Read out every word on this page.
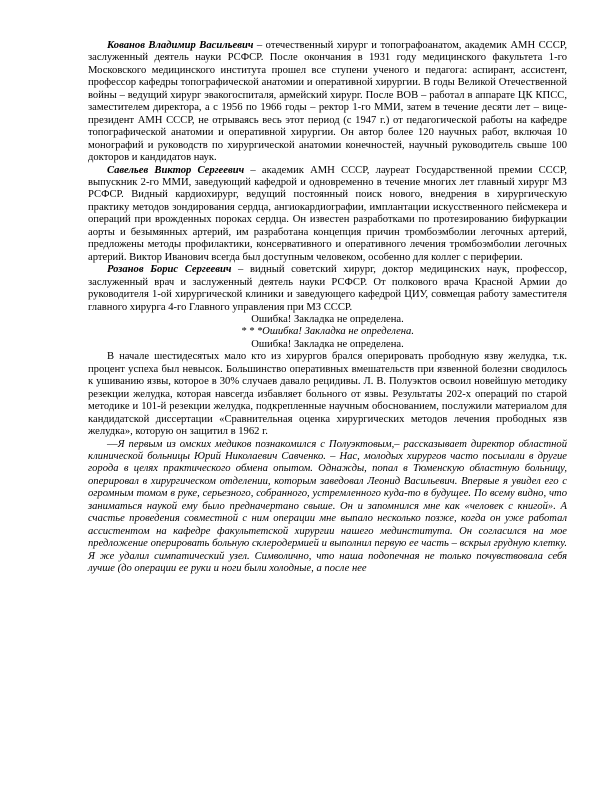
Кованов Владимир Васильевич – отечественный хирург и топографоанатом, академик АМН СССР, заслуженный деятель науки РСФСР. После окончания в 1931 году медицинского факультета 1-го Московского медицинского института прошел все ступени ученого и педагога: аспирант, ассистент, профессор кафедры топографической анатомии и оперативной хирургии. В годы Великой Отечественной войны – ведущий хирург эвакогоспиталя, армейский хирург. После ВОВ – работал в аппарате ЦК КПСС, заместителем директора, а с 1956 по 1966 годы – ректор 1-го ММИ, затем в течение десяти лет – вице-президент АМН СССР, не отрываясь весь этот период (с 1947 г.) от педагогической работы на кафедре топографической анатомии и оперативной хирургии. Он автор более 120 научных работ, включая 10 монографий и руководств по хирургической анатомии конечностей, научный руководитель свыше 100 докторов и кандидатов наук.

Савельев Виктор Сергеевич – академик АМН СССР, лауреат Государственной премии СССР, выпускник 2-го ММИ, заведующий кафедрой и одновременно в течение многих лет главный хирург МЗ РСФСР. Видный кардиохирург, ведущий постоянный поиск нового, внедрения в хирургическую практику методов зондирования сердца, ангиокардиографии, имплантации искусственного пейсмекера и операций при врожденных пороках сердца. Он известен разработками по протезированию бифуркации аорты и безымянных артерий, им разработана концепция причин тромбоэмболии легочных артерий, предложены методы профилактики, консервативного и оперативного лечения тромбоэмболии легочных артерий. Виктор Иванович всегда был доступным человеком, особенно для коллег с периферии.

Розанов Борис Сергеевич – видный советский хирург, доктор медицинских наук, профессор, заслуженный врач и заслуженный деятель науки РСФСР. От полкового врача Красной Армии до руководителя 1-ой хирургической клиники и заведующего кафедрой ЦИУ, совмещая работу заместителя главного хирурга 4-го Главного управления при МЗ СССР.

Ошибка! Закладка не определена.

* * *Ошибка! Закладка не определена.

Ошибка! Закладка не определена.

В начале шестидесятых мало кто из хирургов брался оперировать прободную язву желудка, т.к. процент успеха был невысок. Большинство оперативных вмешательств при язвенной болезни сводилось к ушиванию язвы, которое в 30% случаев давало рецидивы. Л. В. Полуэктов освоил новейшую методику резекции желудка, которая навсегда избавляет больного от язвы. Результаты 202-х операций по старой методике и 101-й резекции желудка, подкрепленные научным обоснованием, послужили материалом для кандидатской диссертации «Сравнительная оценка хирургических методов лечения прободных язв желудка», которую он защитил в 1962 г.

—Я первым из омских медиков познакомился с Полуэктовым,– рассказывает директор областной клинической больницы Юрий Николаевич Савченко. – Нас, молодых хирургов часто посылали в другие города в целях практического обмена опытом. Однажды, попал в Тюменскую областную больницу, оперировал в хирургическом отделении, которым заведовал Леонид Васильевич. Впервые я увидел его с огромным томом в руке, серьезного, собранного, устремленного куда-то в будущее. По всему видно, что заниматься наукой ему было предначертано свыше. Он и запомнился мне как «человек с книгой». А счастье проведения совместной с ним операции мне выпало несколько позже, когда он уже работал ассистентом на кафедре факультетской хирургии нашего мединститута. Он согласился на мое предложение оперировать больную склеродермией и выполнил первую ее часть – вскрыл грудную клетку. Я же удалил симпатический узел. Символично, что наша подопечная не только почувствовала себя лучше (до операции ее руки и ноги были холодные, а после нее
